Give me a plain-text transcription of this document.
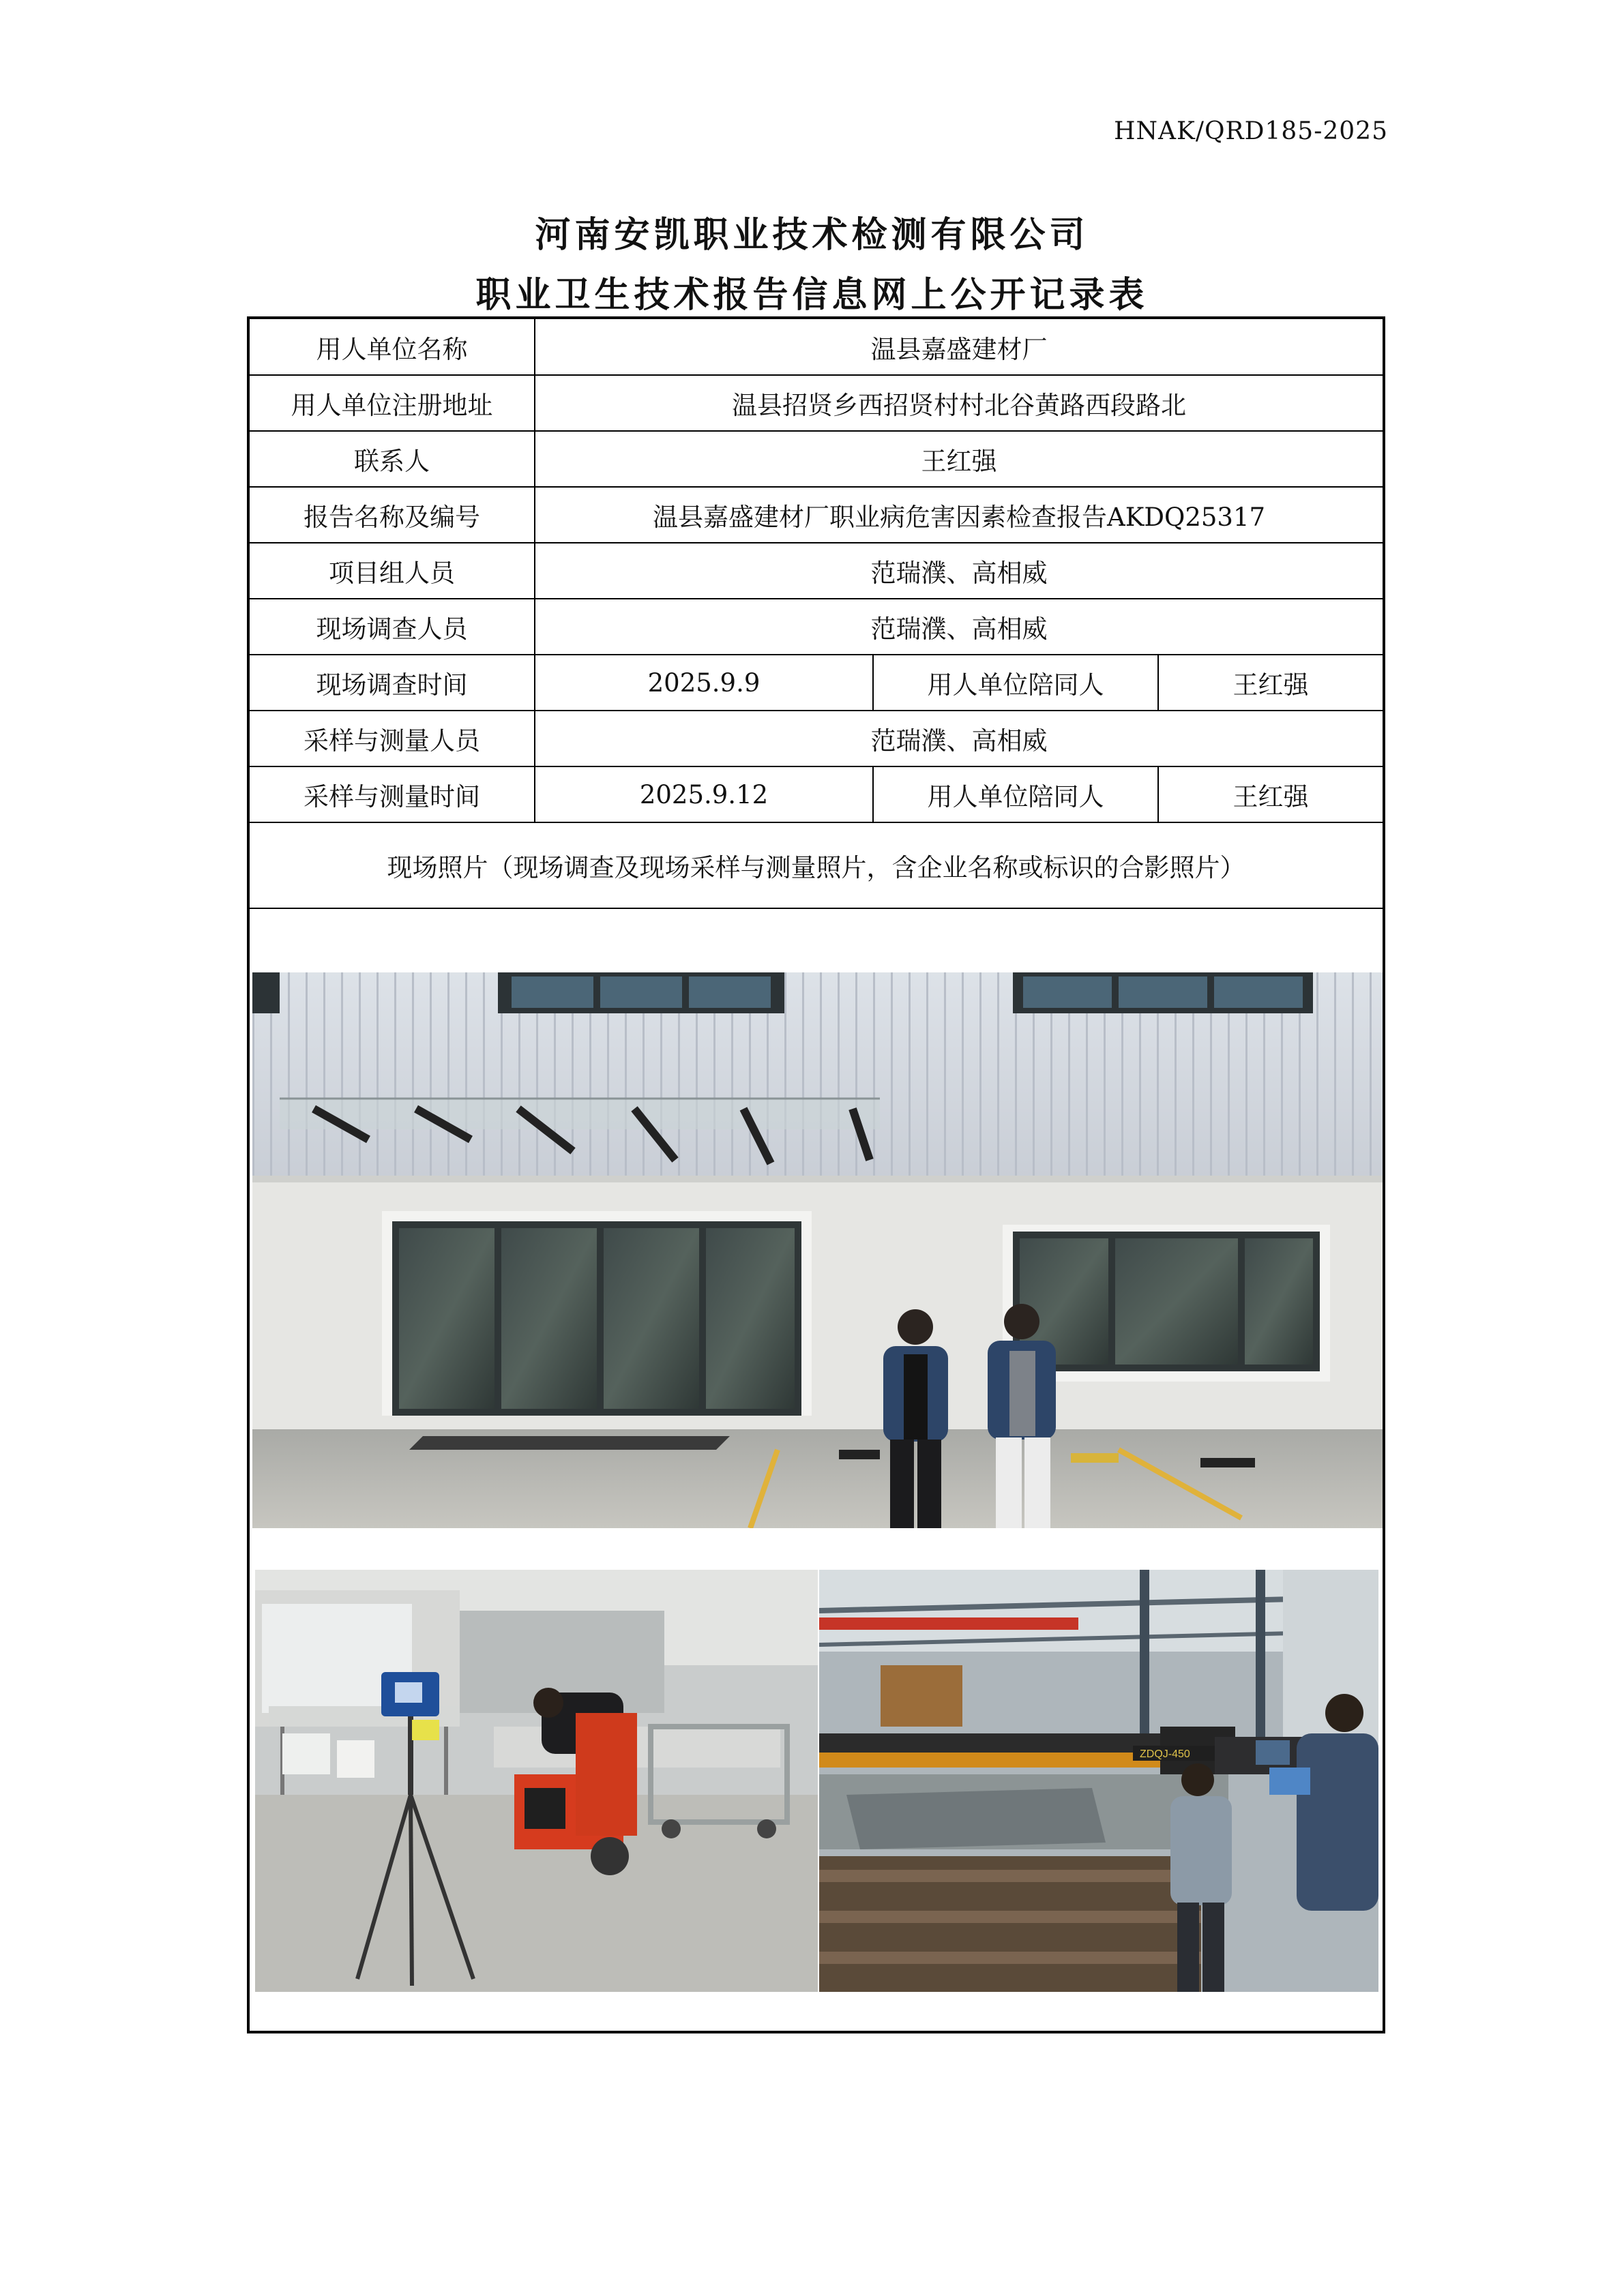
HNAK/QRD185-2025
河南安凯职业技术检测有限公司
职业卫生技术报告信息网上公开记录表
用人单位名称	温县嘉盛建材厂		
用人单位注册地址	温县招贤乡西招贤村村北谷黄路西段路北		
联系人	王红强		
报告名称及编号	温县嘉盛建材厂职业病危害因素检查报告AKDQ25317		
项目组人员	范瑞濮、高相威		
现场调查人员	范瑞濮、高相威		
现场调查时间	2025.9.9	用人单位陪同人	王红强
采样与测量人员	范瑞濮、高相威		
采样与测量时间	2025.9.12	用人单位陪同人	王红强
现场照片（现场调查及现场采样与测量照片，含企业名称或标识的合影照片）			
ZDQJ-450
